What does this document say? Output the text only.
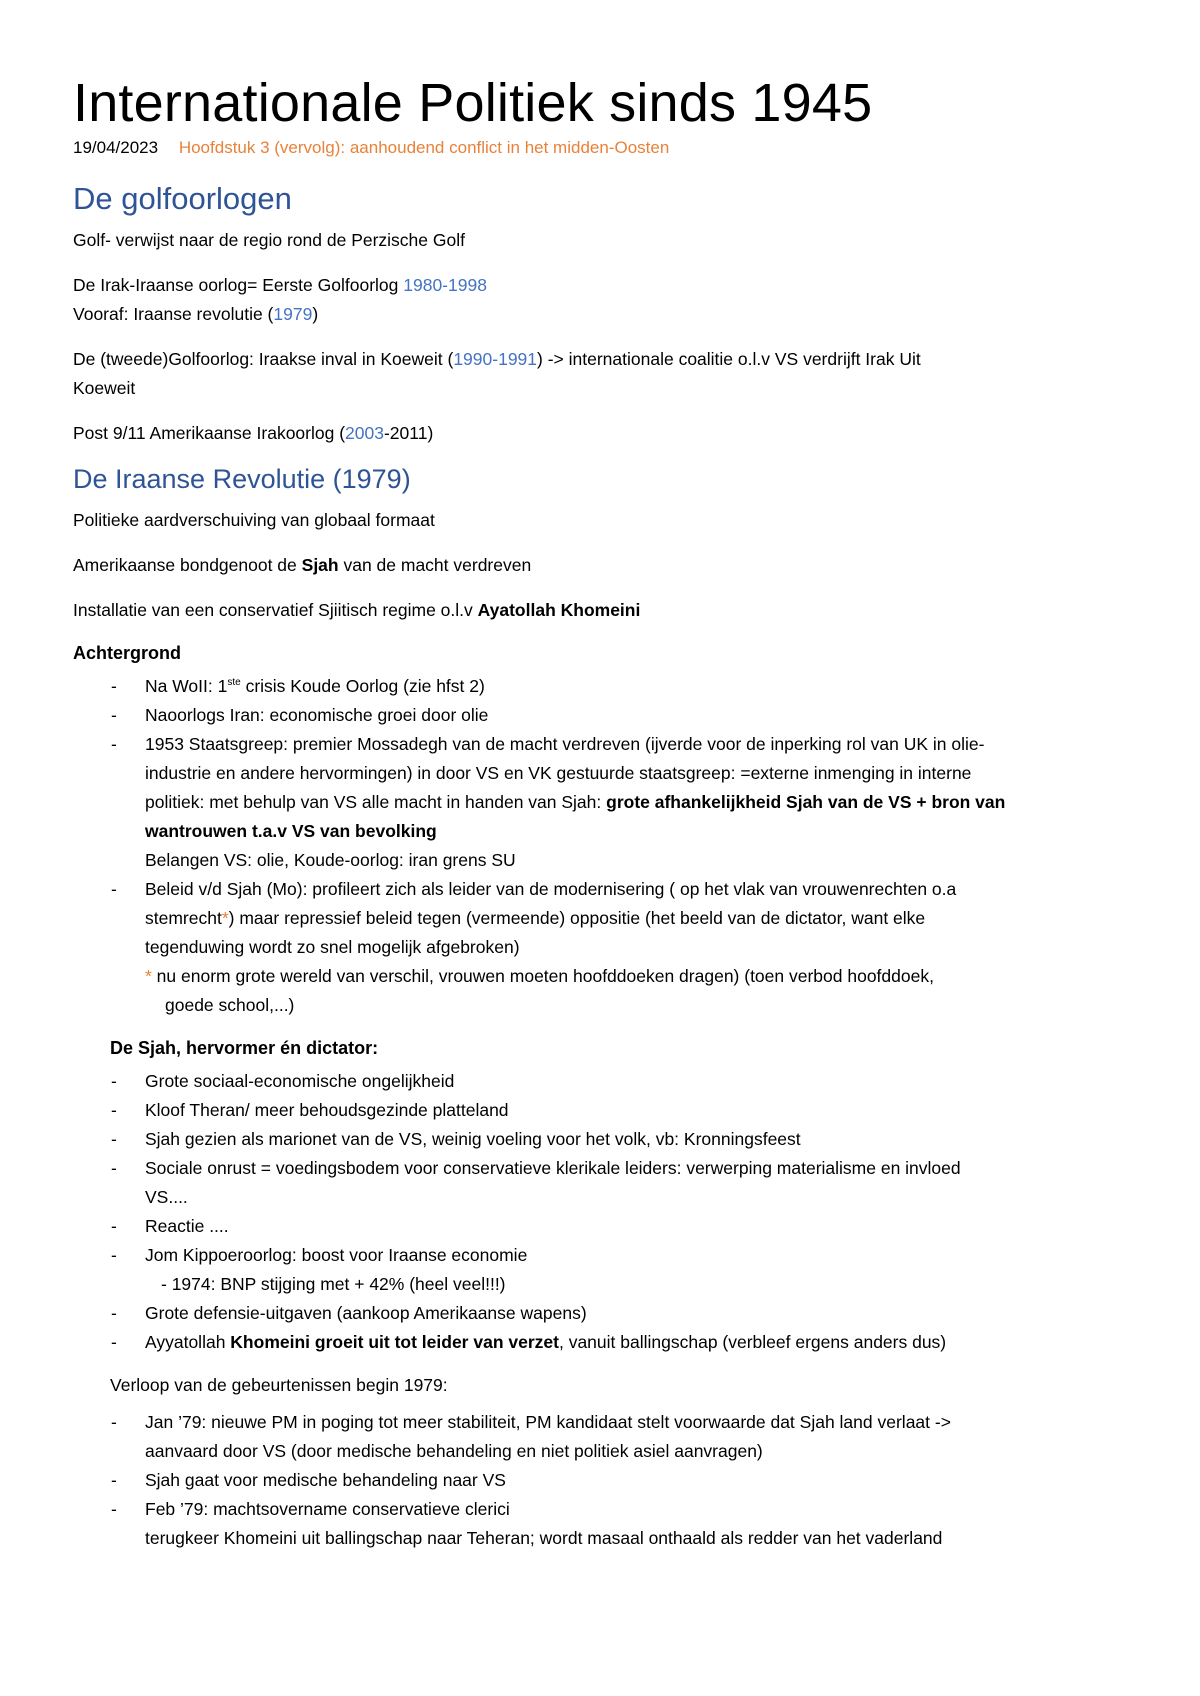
Internationale Politiek sinds 1945
19/04/2023 Hoofdstuk 3 (vervolg): aanhoudend conflict in het midden-Oosten
De golfoorlogen

Golf- verwijst naar de regio rond de Perzische Golf

De Irak-Iraanse oorlog= Eerste Golfoorlog 1980-1998

Vooraf: Iraanse revolutie (1979)

De (tweede)Golfoorlog: Iraakse inval in Koeweit (1990-1991) -> internationale coalitie o.l.v VS verdrijft Irak Uit
Koeweit

Post 9/11 Amerikaanse Irakoorlog (2003-2011)

De Iraanse Revolutie (1979)

Politieke aardverschuiving van globaal formaat

Amerikaanse bondgenoot de Sjah van de macht verdreven

Installatie van een conservatief Sjiitisch regime o.l.v Ayatollah Khomeini

Achtergrond
- Na WoII: 1ste crisis Koude Oorlog (zie hfst 2)
- Naoorlogs Iran: economische groei door olie
- 1953 Staatsgreep: premier Mossadegh van de macht verdreven (ijverde voor de inperking rol van UK in olie-
industrie en andere hervormingen) in door VS en VK gestuurde staatsgreep: =externe inmenging in interne
politiek: met behulp van VS alle macht in handen van Sjah: grote afhankelijkheid Sjah van de VS + bron van
wantrouwen t.a.v VS van bevolking
Belangen VS: olie, Koude-oorlog: iran grens SU
- Beleid v/d Sjah (Mo): profileert zich als leider van de modernisering ( op het vlak van vrouwenrechten o.a
stemrecht*) maar repressief beleid tegen (vermeende) oppositie (het beeld van de dictator, want elke
tegenduwing wordt zo snel mogelijk afgebroken)
* nu enorm grote wereld van verschil, vrouwen moeten hoofddoeken dragen) (toen verbod hoofddoek,
goede school,...)
De Sjah, hervormer én dictator:
- Grote sociaal-economische ongelijkheid
- Kloof Theran/ meer behoudsgezinde platteland
- Sjah gezien als marionet van de VS, weinig voeling voor het volk, vb: Kronningsfeest
- Sociale onrust = voedingsbodem voor conservatieve klerikale leiders: verwerping materialisme en invloed
VS....
- Reactie ....
- Jom Kippoeroorlog: boost voor Iraanse economie
- 1974: BNP stijging met + 42% (heel veel!!!)
- Grote defensie-uitgaven (aankoop Amerikaanse wapens)
- Ayyatollah Khomeini groeit uit tot leider van verzet, vanuit ballingschap (verbleef ergens anders dus)

Verloop van de gebeurtenissen begin 1979:

- Jan ’79: nieuwe PM in poging tot meer stabiliteit, PM kandidaat stelt voorwaarde dat Sjah land verlaat ->
aanvaard door VS (door medische behandeling en niet politiek asiel aanvragen)
- Sjah gaat voor medische behandeling naar VS
- Feb ’79: machtsovername conservatieve clerici
terugkeer Khomeini uit ballingschap naar Teheran; wordt masaal onthaald als redder van het vaderland
